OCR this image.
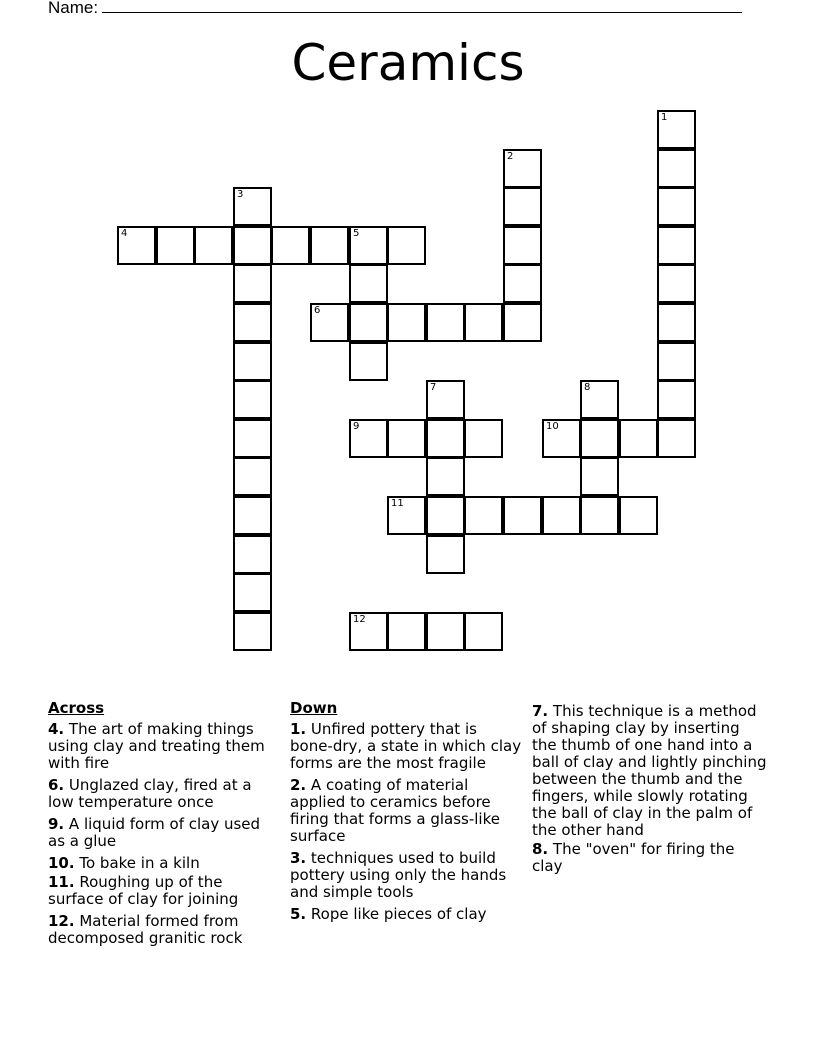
Name:
Ceramics
1
2
3
4	5
6
7	8
9	10
11
12
Across
4. The art of making things using clay and treating them with fire
6. Unglazed clay, fired at a low temperature once
9. A liquid form of clay used as a glue
10. To bake in a kiln
11. Roughing up of the surface of clay for joining
12. Material formed from decomposed granitic rock
Down
1. Unfired pottery that is bone-dry, a state in which clay forms are the most fragile
2. A coating of material applied to ceramics before firing that forms a glass-like surface
3. techniques used to build pottery using only the hands and simple tools
5. Rope like pieces of clay
7. This technique is a method of shaping clay by inserting the thumb of one hand into a ball of clay and lightly pinching between the thumb and the fingers, while slowly rotating the ball of clay in the palm of the other hand
8. The "oven" for firing the clay
